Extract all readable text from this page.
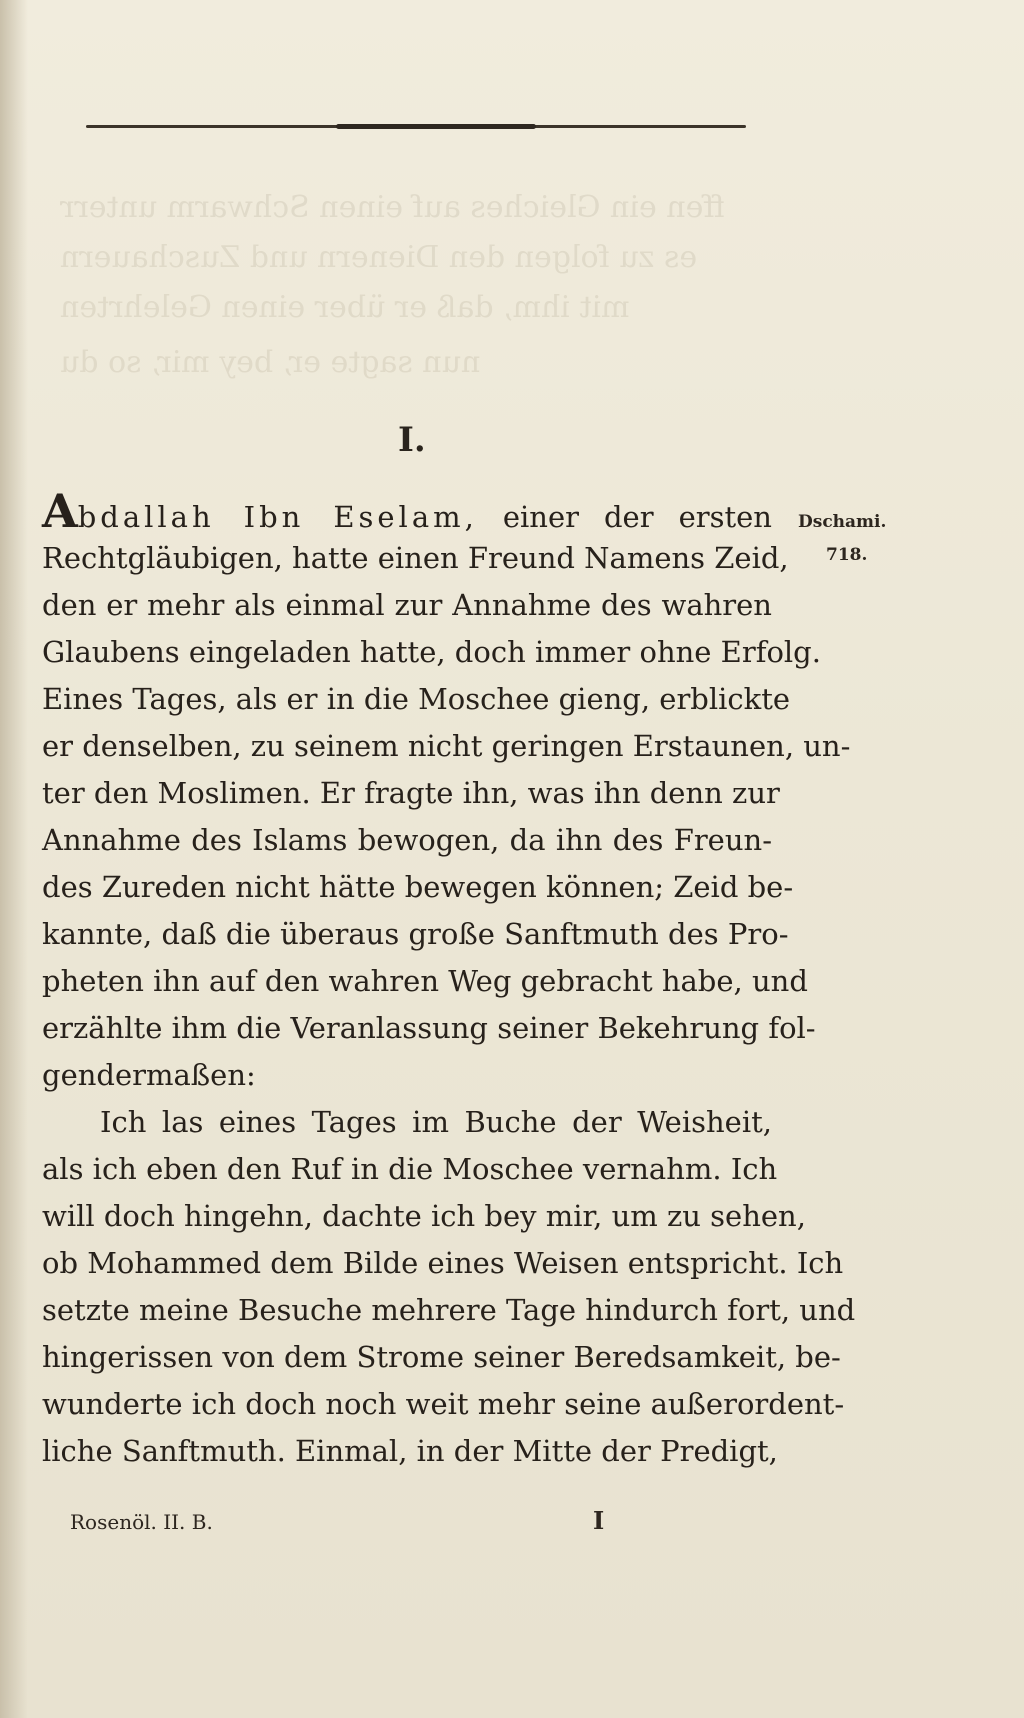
ffen ein Gleiches auf einen Schwarm unterr
es zu folgen den Dienern und Zuschauern
mit ihm, daß er über einen Gelehrten
nun sagte er, bey mir, so du
I.
Abdallah Ibn Eselam, einer der ersten
Rechtgläubigen, hatte einen Freund Namens Zeid,
den er mehr als einmal zur Annahme des wahren
Glaubens eingeladen hatte, doch immer ohne Erfolg.
Eines Tages, als er in die Moschee gieng, erblickte
er denselben, zu seinem nicht geringen Erstaunen, un-
ter den Moslimen. Er fragte ihn, was ihn denn zur
Annahme des Islams bewogen, da ihn des Freun-
des Zureden nicht hätte bewegen können; Zeid be-
kannte, daß die überaus große Sanftmuth des Pro-
pheten ihn auf den wahren Weg gebracht habe, und
erzählte ihm die Veranlassung seiner Bekehrung fol-
gendermaßen:
Ich las eines Tages im Buche der Weisheit,
als ich eben den Ruf in die Moschee vernahm. Ich
will doch hingehn, dachte ich bey mir, um zu sehen,
ob Mohammed dem Bilde eines Weisen entspricht. Ich
setzte meine Besuche mehrere Tage hindurch fort, und
hingerissen von dem Strome seiner Beredsamkeit, be-
wunderte ich doch noch weit mehr seine außerordent-
liche Sanftmuth. Einmal, in der Mitte der Predigt,
Dschami.
718.
Rosenöl. II. B.	I
